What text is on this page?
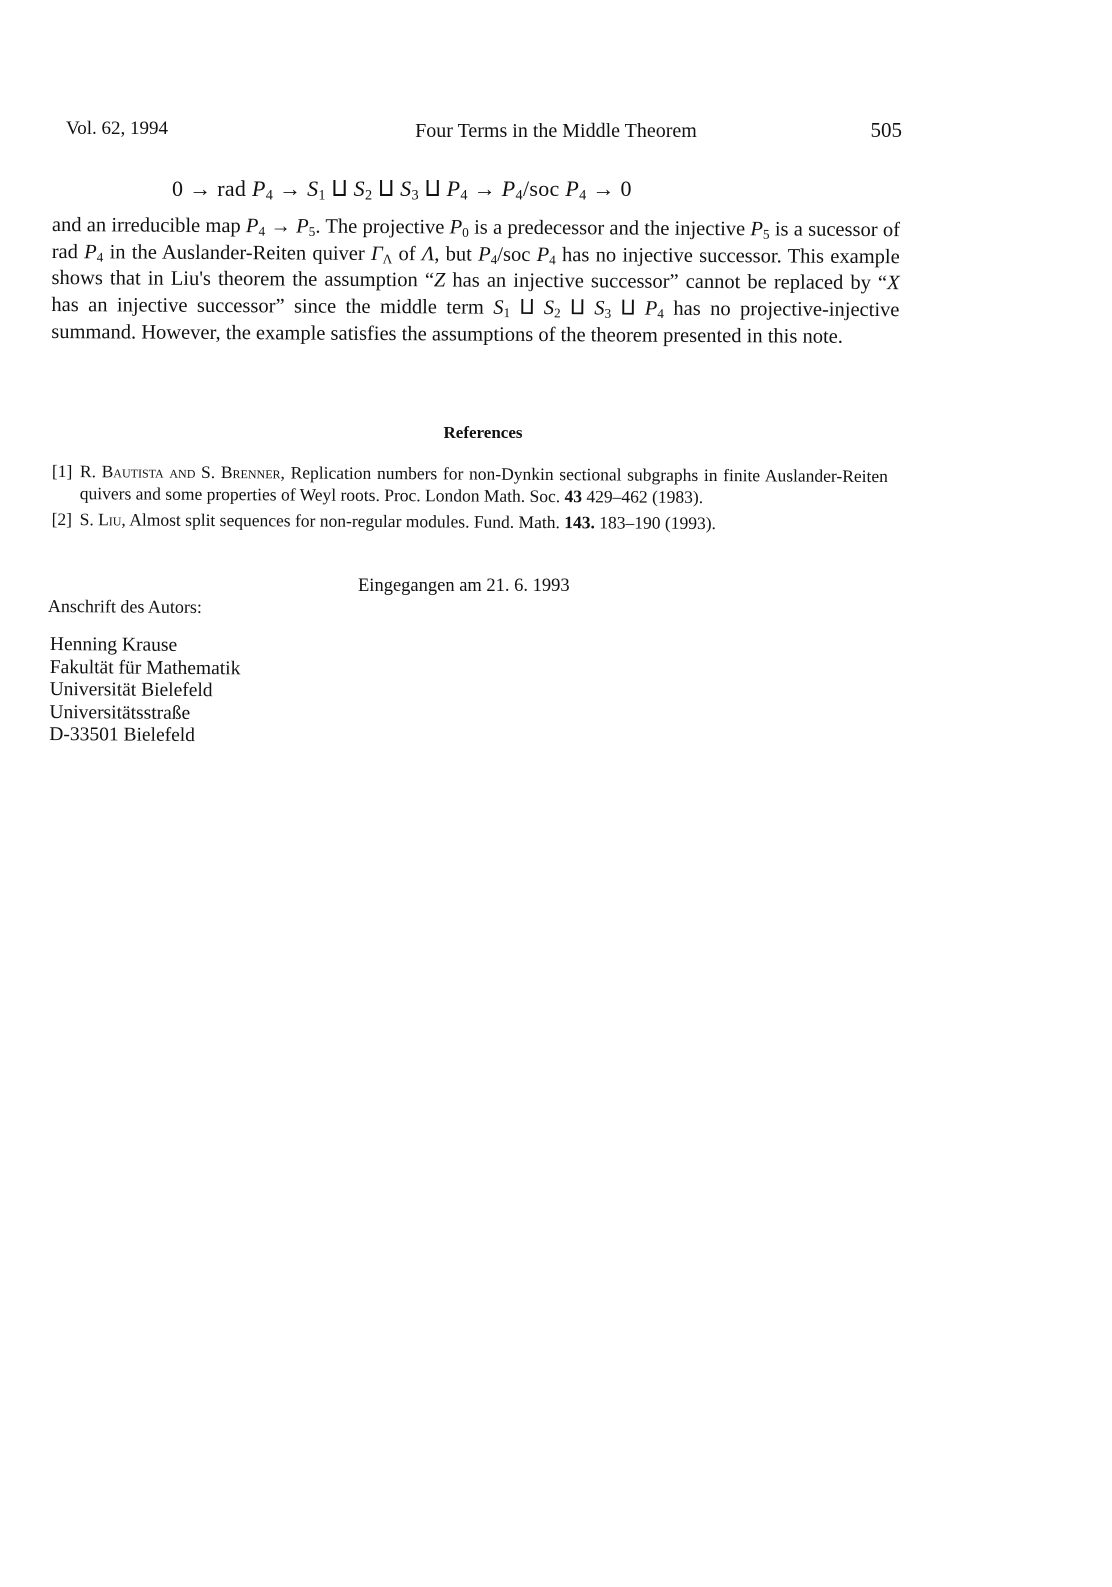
Vol. 62, 1994	Four Terms in the Middle Theorem	505
0 → rad $P_4 \to S_1$ ⨿ $S_2$ ⨿ $S_3$ ⨿ $P_4 \to P_4/soc$ $P_4 \to 0$
and an irreducible map $P_4 \to P_5$. The projective $P_0$ is a predecessor and the injective $P_5$ is a sucessor of rad $P_4$ in the Auslander-Reiten quiver $\Gamma_\Lambda$ of Λ, but $P_4$/soc $P_4$ has no injective successor. This example shows that in Liu's theorem the assumption “Z has an injective successor” cannot be replaced by “X has an injective successor” since the middle term $S_1$ ⨿ $S_2$ ⨿ $S_3$ ⨿ $P_4$ has no projective-injective summand. However, the example satisfies the assumptions of the theorem presented in this note.
References
[1] R. Bautista and S. Brenner, Replication numbers for non-Dynkin sectional subgraphs in finite Auslander-Reiten quivers and some properties of Weyl roots. Proc. London Math. Soc. 43 429–462 (1983).
[2] S. Liu, Almost split sequences for non-regular modules. Fund. Math. 143. 183–190 (1993).
Eingegangen am 21. 6. 1993
Anschrift des Autors:
Henning Krause
Fakultät für Mathematik
Universität Bielefeld
Universitätsstraße
D-33501 Bielefeld
